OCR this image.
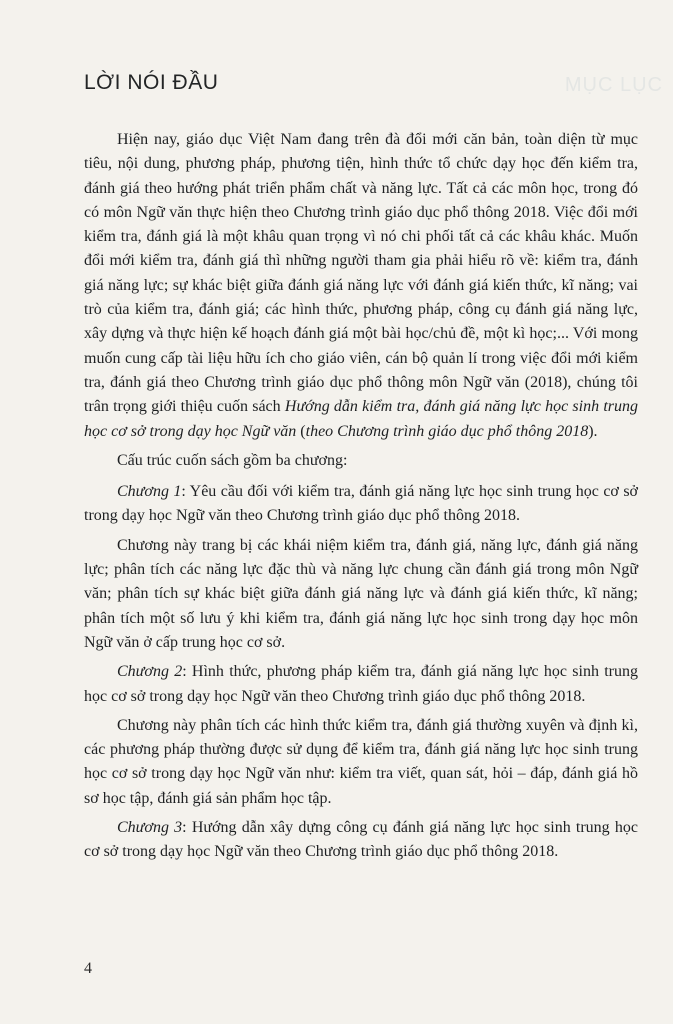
LỜI NÓI ĐẦU	MỤC LỤC

Hiện nay, giáo dục Việt Nam đang trên đà đổi mới căn bản, toàn diện từ mục tiêu, nội dung, phương pháp, phương tiện, hình thức tổ chức dạy học đến kiểm tra, đánh giá theo hướng phát triển phẩm chất và năng lực. Tất cả các môn học, trong đó có môn Ngữ văn thực hiện theo Chương trình giáo dục phổ thông 2018. Việc đổi mới kiểm tra, đánh giá là một khâu quan trọng vì nó chi phối tất cả các khâu khác. Muốn đổi mới kiểm tra, đánh giá thì những người tham gia phải hiểu rõ về: kiểm tra, đánh giá năng lực; sự khác biệt giữa đánh giá năng lực với đánh giá kiến thức, kĩ năng; vai trò của kiểm tra, đánh giá; các hình thức, phương pháp, công cụ đánh giá năng lực, xây dựng và thực hiện kế hoạch đánh giá một bài học/chủ đề, một kì học;... Với mong muốn cung cấp tài liệu hữu ích cho giáo viên, cán bộ quản lí trong việc đổi mới kiểm tra, đánh giá theo Chương trình giáo dục phổ thông môn Ngữ văn (2018), chúng tôi trân trọng giới thiệu cuốn sách Hướng dẫn kiểm tra, đánh giá năng lực học sinh trung học cơ sở trong dạy học Ngữ văn (theo Chương trình giáo dục phổ thông 2018).

Cấu trúc cuốn sách gồm ba chương:

Chương 1: Yêu cầu đối với kiểm tra, đánh giá năng lực học sinh trung học cơ sở trong dạy học Ngữ văn theo Chương trình giáo dục phổ thông 2018.

Chương này trang bị các khái niệm kiểm tra, đánh giá, năng lực, đánh giá năng lực; phân tích các năng lực đặc thù và năng lực chung cần đánh giá trong môn Ngữ văn; phân tích sự khác biệt giữa đánh giá năng lực và đánh giá kiến thức, kĩ năng; phân tích một số lưu ý khi kiểm tra, đánh giá năng lực học sinh trong dạy học môn Ngữ văn ở cấp trung học cơ sở.

Chương 2: Hình thức, phương pháp kiểm tra, đánh giá năng lực học sinh trung học cơ sở trong dạy học Ngữ văn theo Chương trình giáo dục phổ thông 2018.

Chương này phân tích các hình thức kiểm tra, đánh giá thường xuyên và định kì, các phương pháp thường được sử dụng để kiểm tra, đánh giá năng lực học sinh trung học cơ sở trong dạy học Ngữ văn như: kiểm tra viết, quan sát, hỏi – đáp, đánh giá hồ sơ học tập, đánh giá sản phẩm học tập.

Chương 3: Hướng dẫn xây dựng công cụ đánh giá năng lực học sinh trung học cơ sở trong dạy học Ngữ văn theo Chương trình giáo dục phổ thông 2018.

4
